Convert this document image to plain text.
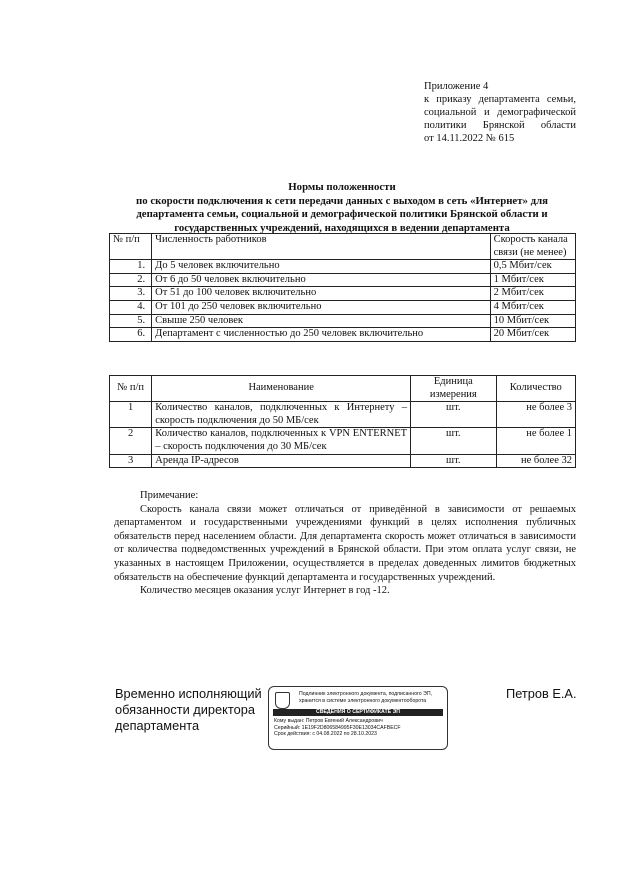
Приложение 4
к приказу департамента семьи,
социальной и демографической
политики Брянской области
от 14.11.2022 № 615
Нормы положенности
по скорости подключения к сети передачи данных с выходом в сеть «Интернет» для
департамента семьи, социальной и демографической политики Брянской области и
государственных учреждений, находящихся в ведении департамента
№ п/п	Численность работников	Скорость канала связи (не менее)
1.	До 5 человек включительно	0,5 Мбит/сек
2.	От 6 до 50 человек включительно	1 Мбит/сек
3.	От 51 до 100 человек включительно	2 Мбит/сек
4.	От 101 до 250 человек включительно	4 Мбит/сек
5.	Свыше 250 человек	10 Мбит/сек
6.	Департамент с численностью до 250 человек включительно	20 Мбит/сек
№ п/п	Наименование	Единица измерения	Количество
1	Количество каналов, подключенных к Интернету – скорость подключения до 50 МБ/сек	шт.	не более 3
2	Количество каналов, подключенных к VPN ENTERNET – скорость подключения до 30 МБ/сек	шт.	не более 1
3	Аренда IP-адресов	шт.	не более 32

Примечание:

Скорость канала связи может отличаться от приведённой в зависимости от решаемых департаментом и государственными учреждениями функций в целях исполнения публичных обязательств перед населением области. Для департамента скорость может отличаться в зависимости от количества подведомственных учреждений в Брянской области. При этом оплата услуг связи, не указанных в настоящем Приложении, осуществляется в пределах доведенных лимитов бюджетных обязательств на обеспечение функций департамента и государственных учреждений.

Количество месяцев оказания услуг Интернет в год -12.

Временно исполняющий
обязанности директора
департамента
Подлинник электронного документа, подписанного ЭП,
хранится в системе электронного документооборота
СВЕДЕНИЯ О СЕРТИФИКАТЕ ЭП
Кому выдан: Петров Евгений Александрович
Серийный: 1E19F2D806584995F30E13034CAFBECF
Срок действия: с 04.08.2022 по 28.10.2023
Петров Е.А.
